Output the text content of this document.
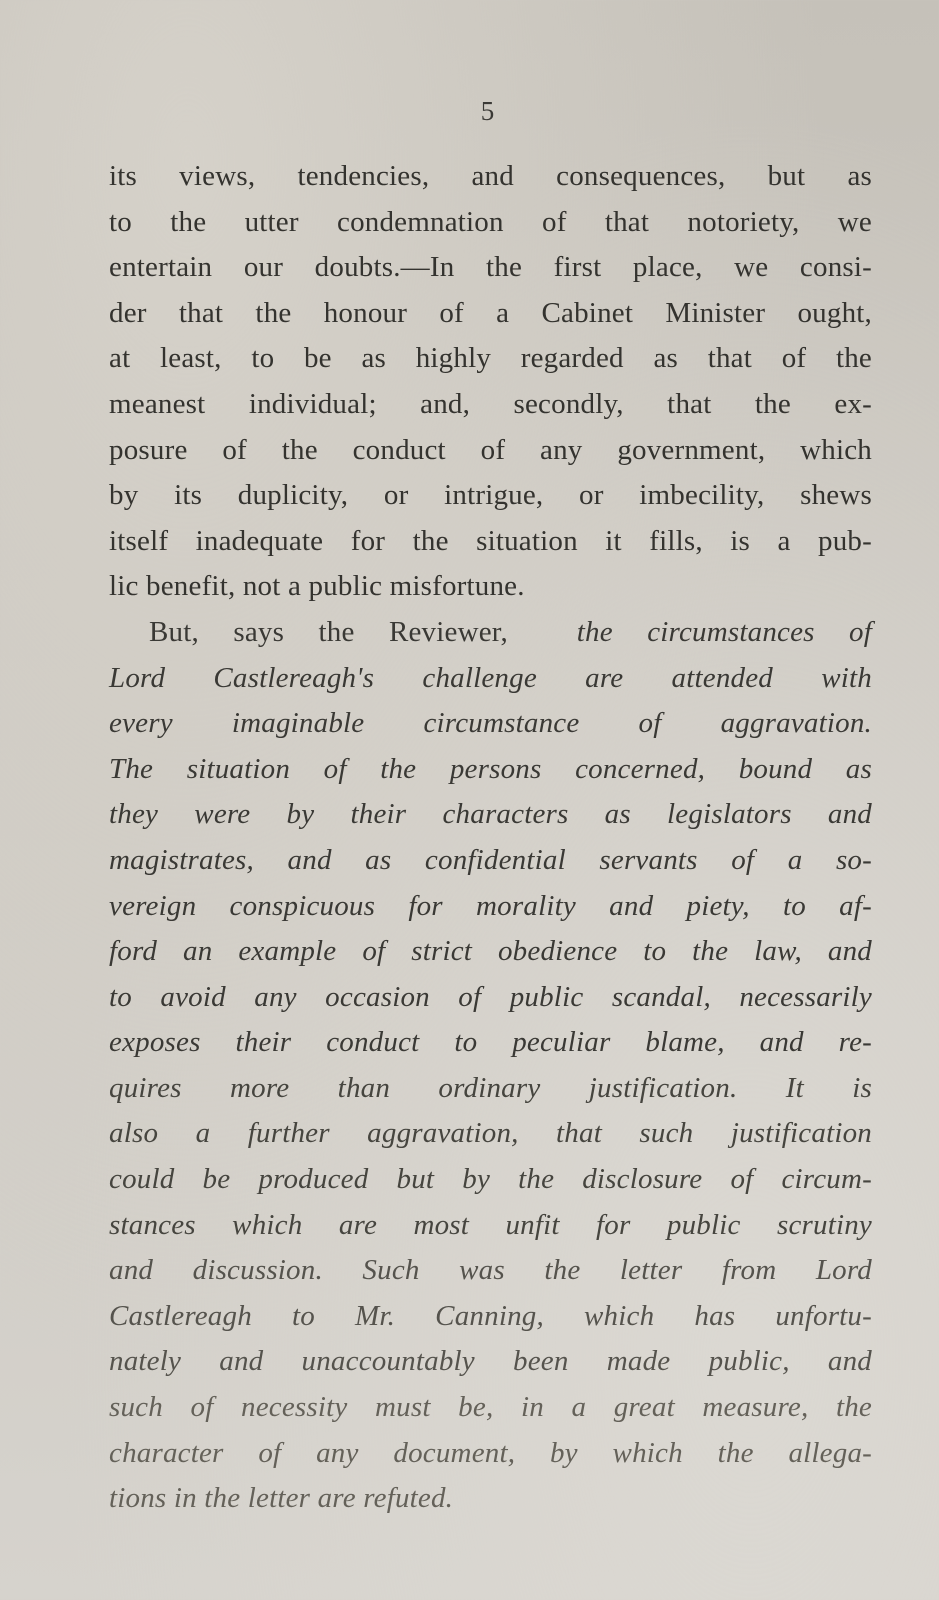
5
its views, tendencies, and consequences, but as
to the utter condemnation of that notoriety, we
entertain our doubts.—In the first place, we consi-
der that the honour of a Cabinet Minister ought,
at least, to be as highly regarded as that of the
meanest individual; and, secondly, that the ex-
posure of the conduct of any government, which
by its duplicity, or intrigue, or imbecility, shews
itself inadequate for the situation it fills, is a pub-
lic benefit, not a public misfortune.
But, says the Reviewer, the circumstances of
Lord Castlereagh's challenge are attended with
every imaginable circumstance of aggravation.
The situation of the persons concerned, bound as
they were by their characters as legislators and
magistrates, and as confidential servants of a so-
vereign conspicuous for morality and piety, to af-
ford an example of strict obedience to the law, and
to avoid any occasion of public scandal, necessarily
exposes their conduct to peculiar blame, and re-
quires more than ordinary justification. It is
also a further aggravation, that such justification
could be produced but by the disclosure of circum-
stances which are most unfit for public scrutiny
and discussion. Such was the letter from Lord
Castlereagh to Mr. Canning, which has unfortu-
nately and unaccountably been made public, and
such of necessity must be, in a great measure, the
character of any document, by which the allega-
tions in the letter are refuted.
